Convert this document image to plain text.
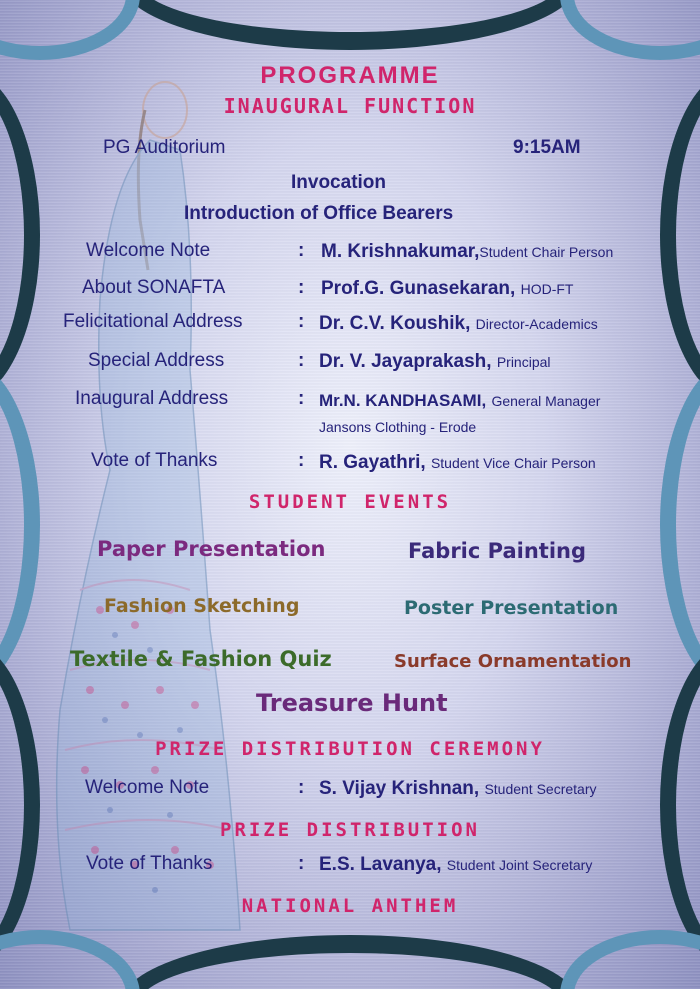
PROGRAMME
INAUGURAL FUNCTION
PG Auditorium	9:15AM
Invocation
Introduction of Office Bearers
Welcome Note	: M. Krishnakumar,Student Chair Person
About SONAFTA	: Prof.G. Gunasekaran, HOD-FT
Felicitational Address	: Dr. C.V. Koushik, Director-Academics
Special Address	: Dr. V. Jayaprakash, Principal
Inaugural Address	: Mr.N. KANDHASAMI, General Manager
Jansons Clothing - Erode
Vote of Thanks	: R. Gayathri, Student Vice Chair Person
STUDENT EVENTS
Paper Presentation	Fabric Painting
Fashion Sketching	Poster Presentation
Textile & Fashion Quiz	Surface Ornamentation
Treasure Hunt
PRIZE DISTRIBUTION CEREMONY
Welcome Note	: S. Vijay Krishnan, Student Secretary
PRIZE DISTRIBUTION
Vote of Thanks	: E.S. Lavanya, Student Joint Secretary
NATIONAL ANTHEM
